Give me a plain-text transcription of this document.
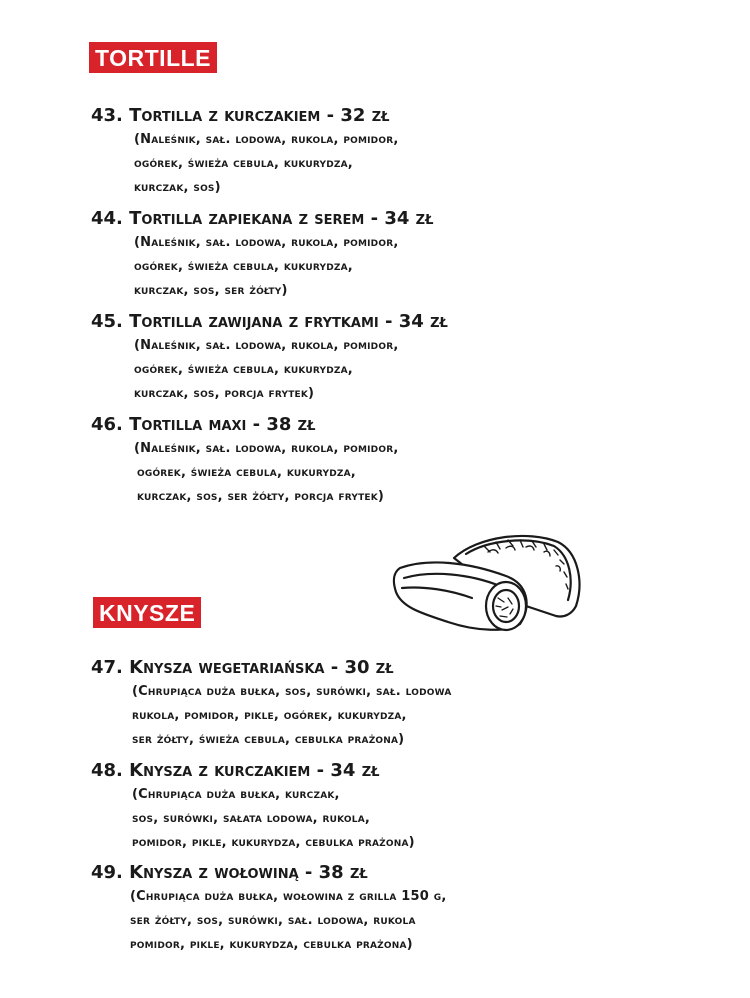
TORTILLE
43. Tortilla z kurczakiem - 32 zł
(Naleśnik, sał. lodowa, rukola, pomidor,
ogórek, świeża cebula, kukurydza,
kurczak, sos)
44. Tortilla zapiekana z serem - 34 zł
(Naleśnik, sał. lodowa, rukola, pomidor,
ogórek, świeża cebula, kukurydza,
kurczak, sos, ser żółty)
45. Tortilla zawijana z frytkami - 34 zł
(Naleśnik, sał. lodowa, rukola, pomidor,
ogórek, świeża cebula, kukurydza,
kurczak, sos, porcja frytek)
46. Tortilla maxi - 38 zł
(Naleśnik, sał. lodowa, rukola, pomidor,
ogórek, świeża cebula, kukurydza,
kurczak, sos, ser żółty, porcja frytek)
KNYSZE
47. Knysza wegetariańska - 30 zł
(Chrupiąca duża bułka, sos, surówki, sał. lodowa
rukola, pomidor, pikle, ogórek, kukurydza,
ser żółty, świeża cebula, cebulka prażona)
48. Knysza z kurczakiem - 34 zł
(Chrupiąca duża bułka, kurczak,
sos, surówki, sałata lodowa, rukola,
pomidor, pikle, kukurydza, cebulka prażona)
49. Knysza z wołowiną - 38 zł
(Chrupiąca duża bułka, wołowina z grilla 150 g,
ser żółty, sos, surówki, sał. lodowa, rukola
pomidor, pikle, kukurydza, cebulka prażona)
